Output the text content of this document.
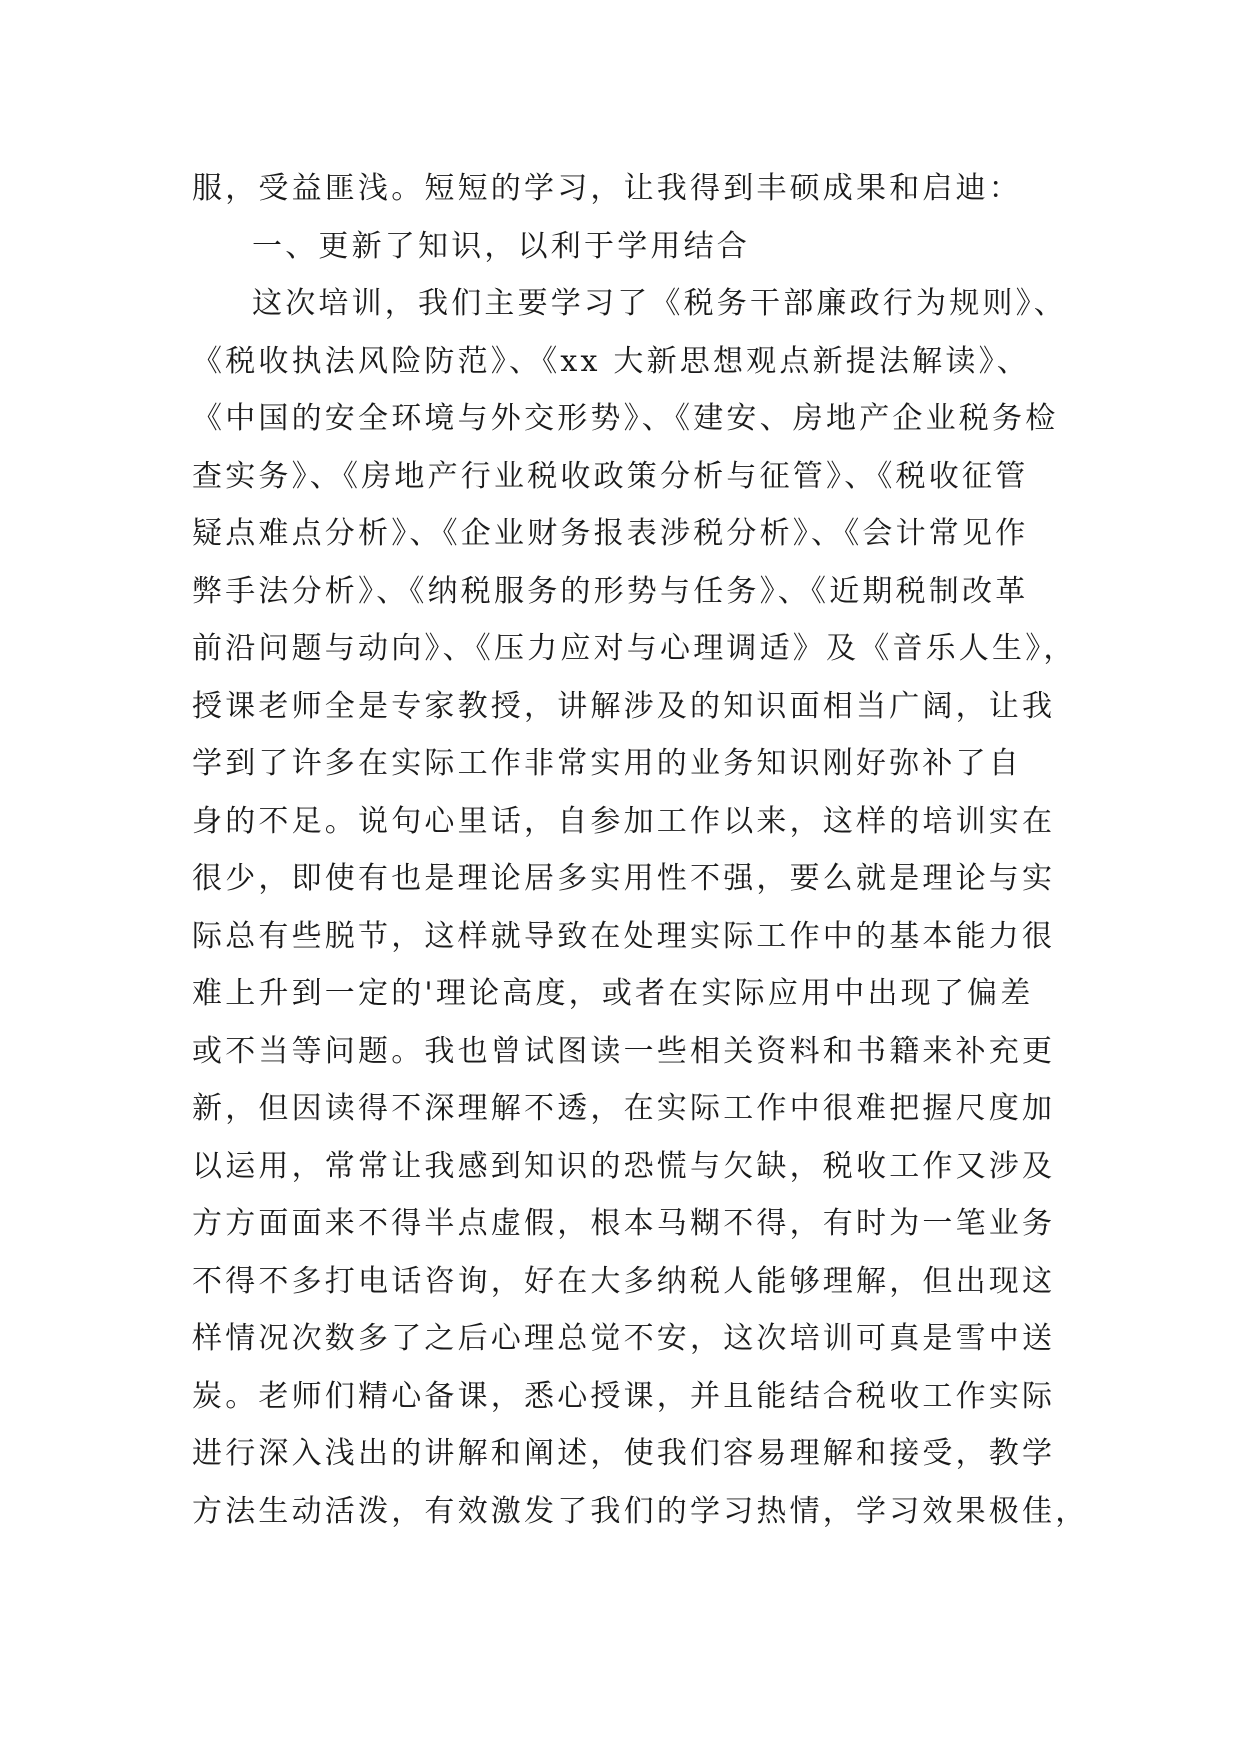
服，受益匪浅。短短的学习，让我得到丰硕成果和启迪：
一、更新了知识，以利于学用结合
这次培训，我们主要学习了《税务干部廉政行为规则》、
《税收执法风险防范》、《xx 大新思想观点新提法解读》、
《中国的安全环境与外交形势》、《建安、房地产企业税务检
查实务》、《房地产行业税收政策分析与征管》、《税收征管
疑点难点分析》、《企业财务报表涉税分析》、《会计常见作
弊手法分析》、《纳税服务的形势与任务》、《近期税制改革
前沿问题与动向》、《压力应对与心理调适》及《音乐人生》，
授课老师全是专家教授，讲解涉及的知识面相当广阔，让我
学到了许多在实际工作非常实用的业务知识刚好弥补了自
身的不足。说句心里话，自参加工作以来，这样的培训实在
很少，即使有也是理论居多实用性不强，要么就是理论与实
际总有些脱节，这样就导致在处理实际工作中的基本能力很
难上升到一定的'理论高度，或者在实际应用中出现了偏差
或不当等问题。我也曾试图读一些相关资料和书籍来补充更
新，但因读得不深理解不透，在实际工作中很难把握尺度加
以运用，常常让我感到知识的恐慌与欠缺，税收工作又涉及
方方面面来不得半点虚假，根本马糊不得，有时为一笔业务
不得不多打电话咨询，好在大多纳税人能够理解，但出现这
样情况次数多了之后心理总觉不安，这次培训可真是雪中送
炭。老师们精心备课，悉心授课，并且能结合税收工作实际
进行深入浅出的讲解和阐述，使我们容易理解和接受，教学
方法生动活泼，有效激发了我们的学习热情，学习效果极佳，
